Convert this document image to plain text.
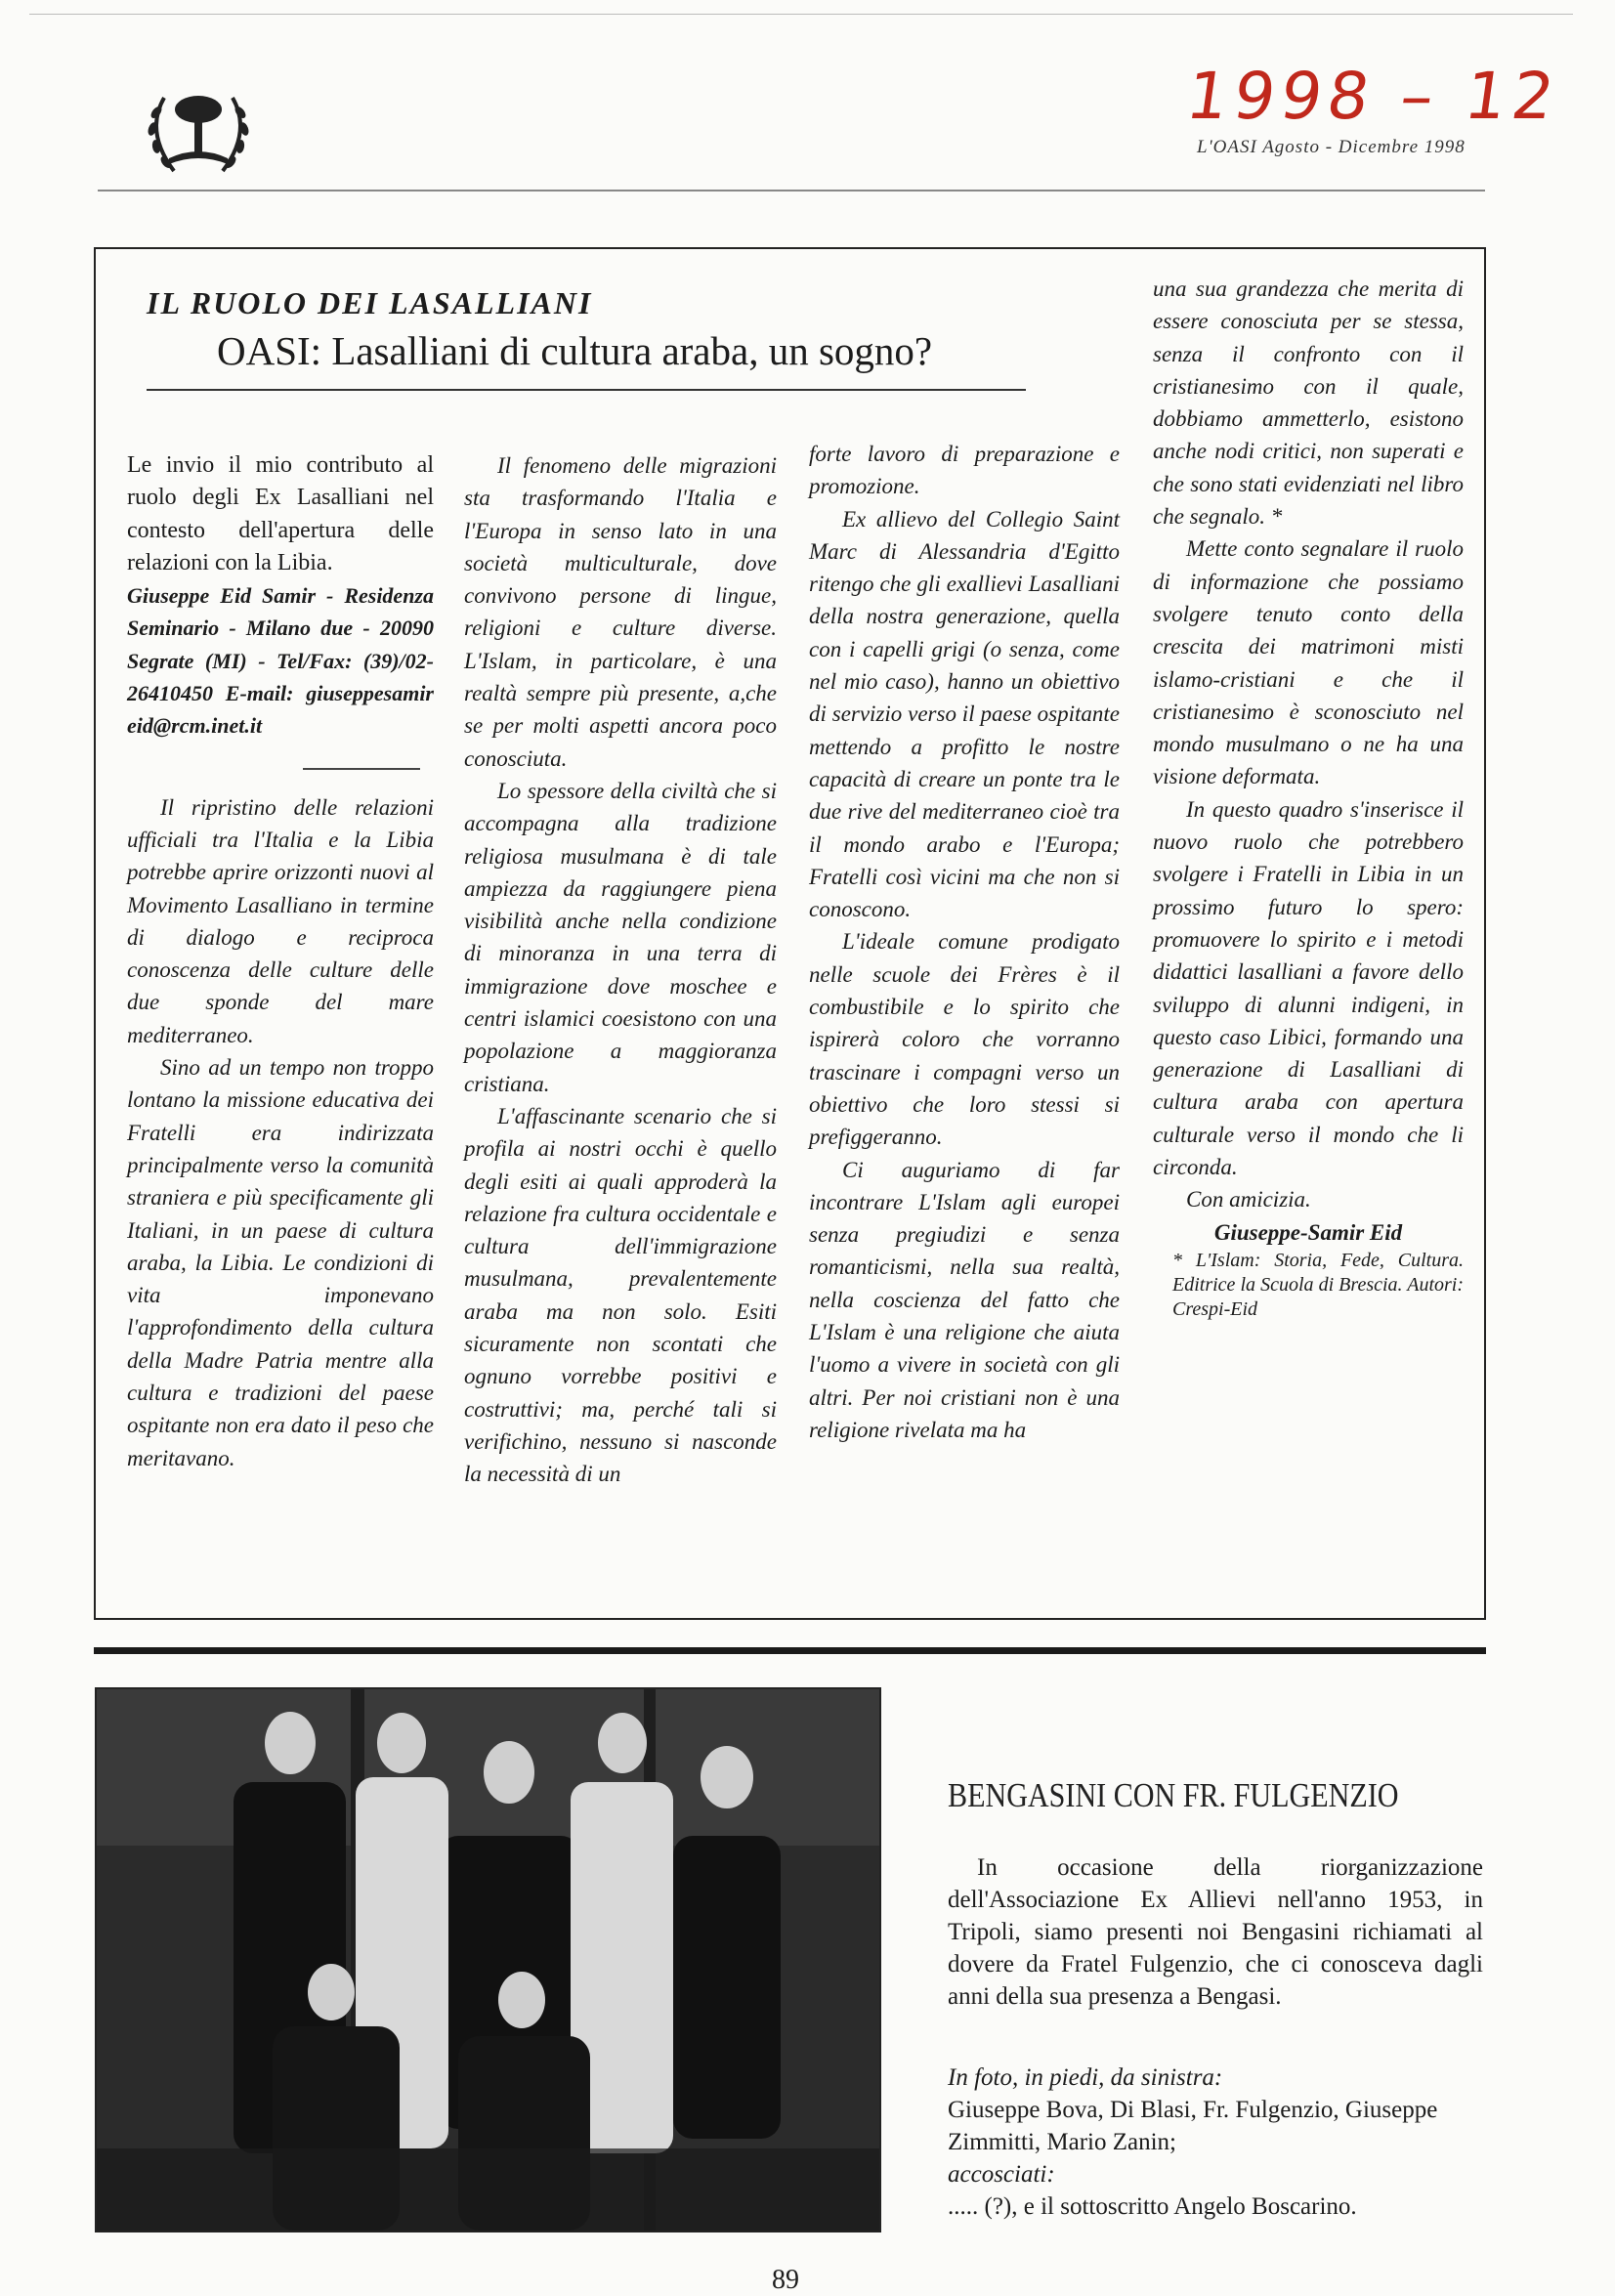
1998 – 12
L'OASI Agosto - Dicembre 1998
IL RUOLO DEI LASALLIANI
OASI: Lasalliani di cultura araba, un sogno?

Le invio il mio contributo al ruolo degli Ex Lasalliani nel contesto dell'apertura delle relazioni con la Libia.

Giuseppe Eid Samir - Residenza Seminario - Milano due - 20090 Segrate (MI) - Tel/Fax: (39)/02-26410450 E-mail: giuseppesamir eid@rcm.inet.it

Il ripristino delle relazioni ufficiali tra l'Italia e la Libia potrebbe aprire orizzonti nuovi al Movimento Lasalliano in termine di dialogo e reciproca conoscenza delle culture delle due sponde del mare mediterraneo.

Sino ad un tempo non troppo lontano la missione educativa dei Fratelli era indirizzata principalmente verso la comunità straniera e più specificamente gli Italiani, in un paese di cultura araba, la Libia. Le condizioni di vita imponevano l'approfondimento della cultura della Madre Patria mentre alla cultura e tradizioni del paese ospitante non era dato il peso che meritavano.

Il fenomeno delle migrazioni sta trasformando l'Italia e l'Europa in senso lato in una società multiculturale, dove convivono persone di lingue, religioni e culture diverse. L'Islam, in particolare, è una realtà sempre più presente, a,che se per molti aspetti ancora poco conosciuta.

Lo spessore della civiltà che si accompagna alla tradizione religiosa musulmana è di tale ampiezza da raggiungere piena visibilità anche nella condizione di minoranza in una terra di immigrazione dove moschee e centri islamici coesistono con una popolazione a maggioranza cristiana.

L'affascinante scenario che si profila ai nostri occhi è quello degli esiti ai quali approderà la relazione fra cultura occidentale e cultura dell'immigrazione musulmana, prevalentemente araba ma non solo. Esiti sicuramente non scontati che ognuno vorrebbe positivi e costruttivi; ma, perché tali si verifichino, nessuno si nasconde la necessità di un

forte lavoro di preparazione e promozione.

Ex allievo del Collegio Saint Marc di Alessandria d'Egitto ritengo che gli exallievi Lasalliani della nostra generazione, quella con i capelli grigi (o senza, come nel mio caso), hanno un obiettivo di servizio verso il paese ospitante mettendo a profitto le nostre capacità di creare un ponte tra le due rive del mediterraneo cioè tra il mondo arabo e l'Europa; Fratelli così vicini ma che non si conoscono.

L'ideale comune prodigato nelle scuole dei Frères è il combustibile e lo spirito che ispirerà coloro che vorranno trascinare i compagni verso un obiettivo che loro stessi si prefiggeranno.

Ci auguriamo di far incontrare L'Islam agli europei senza pregiudizi e senza romanticismi, nella sua realtà, nella coscienza del fatto che L'Islam è una religione che aiuta l'uomo a vivere in società con gli altri. Per noi cristiani non è una religione rivelata ma ha

una sua grandezza che merita di essere conosciuta per se stessa, senza il confronto con il cristianesimo con il quale, dobbiamo ammetterlo, esistono anche nodi critici, non superati e che sono stati evidenziati nel libro che segnalo. *

Mette conto segnalare il ruolo di informazione che possiamo svolgere tenuto conto della crescita dei matrimoni misti islamo-cristiani e che il cristianesimo è sconosciuto nel mondo musulmano o ne ha una visione deformata.

In questo quadro s'inserisce il nuovo ruolo che potrebbero svolgere i Fratelli in Libia in un prossimo futuro lo spero: promuovere lo spirito e i metodi didattici lasalliani a favore dello sviluppo di alunni indigeni, in questo caso Libici, formando una generazione di Lasalliani di cultura araba con apertura culturale verso il mondo che li circonda.

Con amicizia.

Giuseppe-Samir Eid

* L'Islam: Storia, Fede, Cultura. Editrice la Scuola di Brescia. Autori: Crespi-Eid

BENGASINI CON FR. FULGENZIO
In occasione della riorganizzazione dell'Associazione Ex Allievi nell'anno 1953, in Tripoli, siamo presenti noi Bengasini richiamati al dovere da Fratel Fulgenzio, che ci conosceva dagli anni della sua presenza a Bengasi.
In foto, in piedi, da sinistra:
Giuseppe Bova, Di Blasi, Fr. Fulgenzio, Giuseppe Zimmitti, Mario Zanin;
accosciati:
..... (?), e il sottoscritto Angelo Boscarino.
89
